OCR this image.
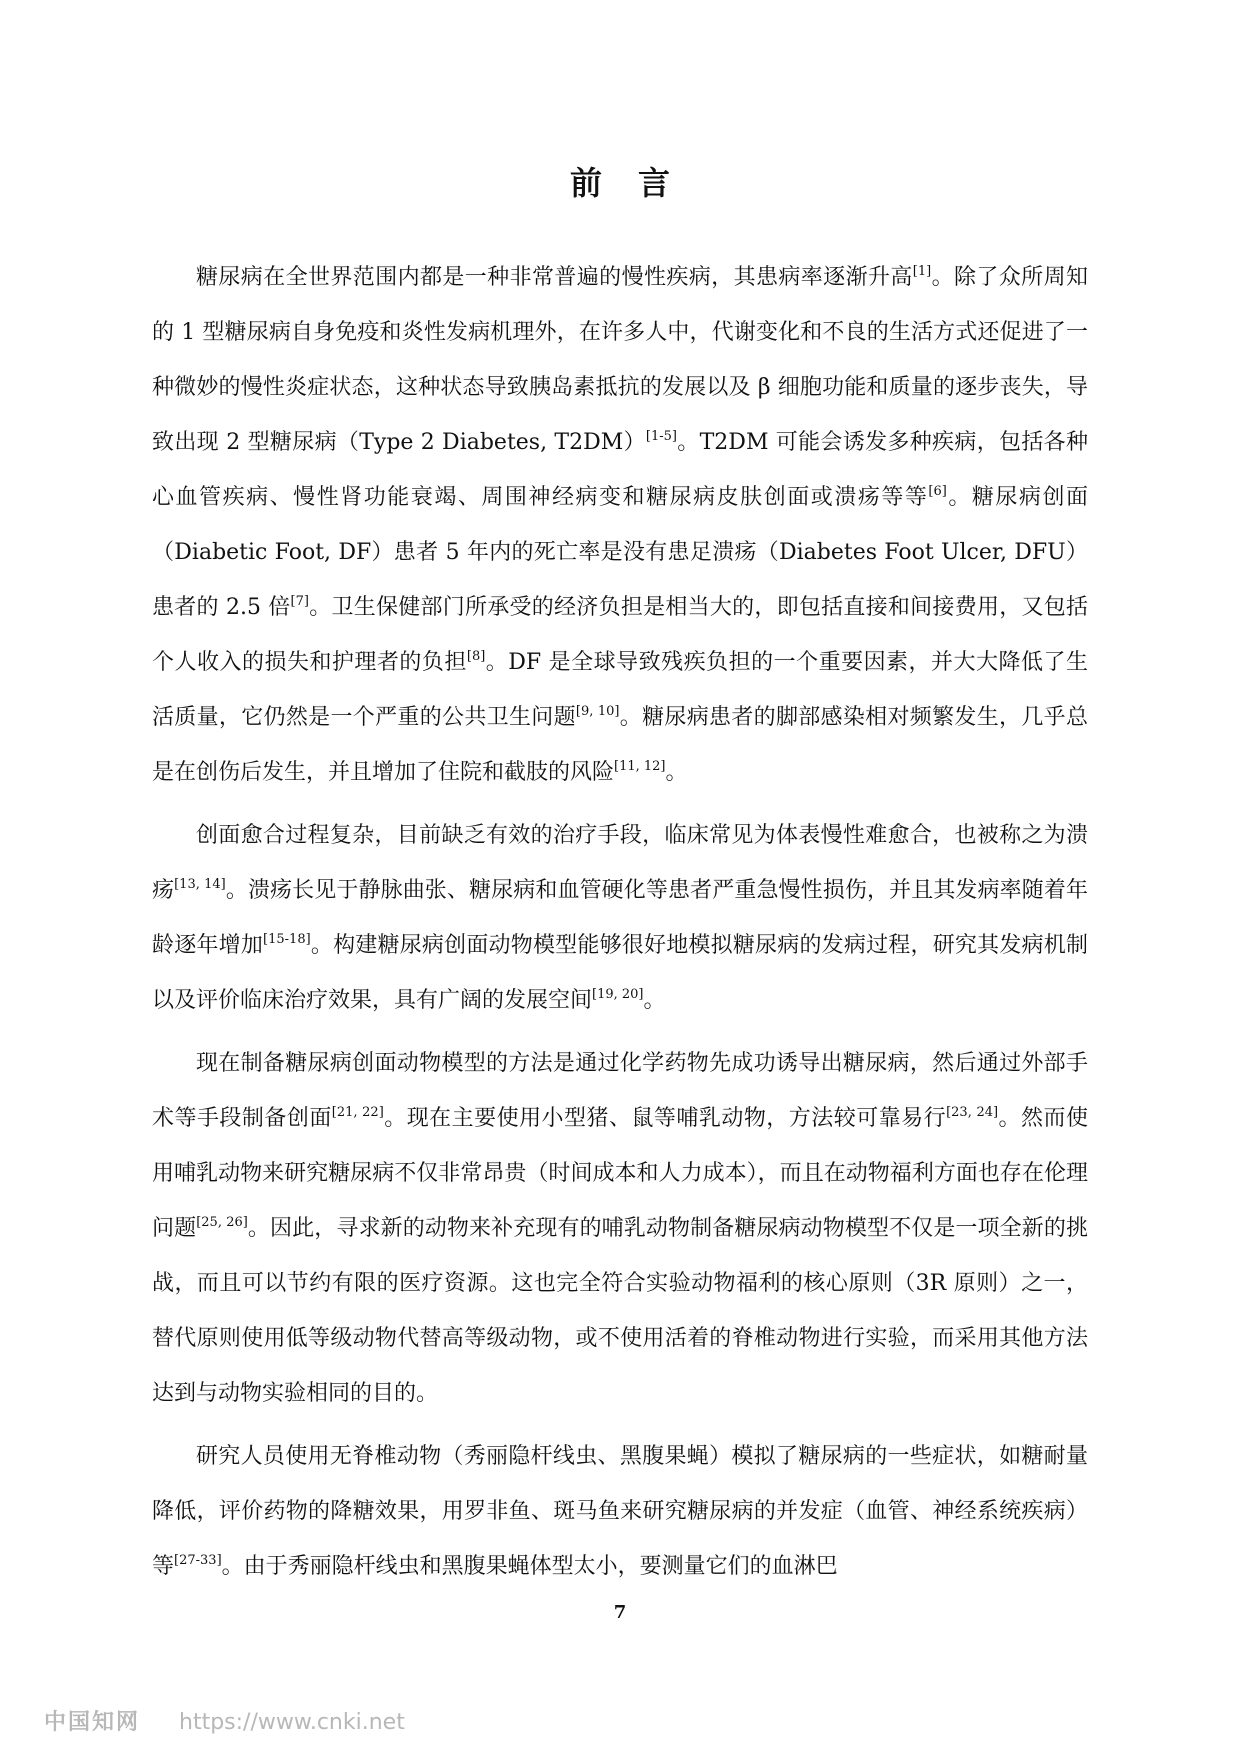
前言

糖尿病在全世界范围内都是一种非常普遍的慢性疾病，其患病率逐渐升高[1]。除了众所周知的 1 型糖尿病自身免疫和炎性发病机理外，在许多人中，代谢变化和不良的生活方式还促进了一种微妙的慢性炎症状态，这种状态导致胰岛素抵抗的发展以及 β 细胞功能和质量的逐步丧失，导致出现 2 型糖尿病（Type 2 Diabetes, T2DM）[1-5]。T2DM 可能会诱发多种疾病，包括各种心血管疾病、慢性肾功能衰竭、周围神经病变和糖尿病皮肤创面或溃疡等等[6]。糖尿病创面（Diabetic Foot, DF）患者 5 年内的死亡率是没有患足溃疡（Diabetes Foot Ulcer, DFU）患者的 2.5 倍[7]。卫生保健部门所承受的经济负担是相当大的，即包括直接和间接费用，又包括个人收入的损失和护理者的负担[8]。DF 是全球导致残疾负担的一个重要因素，并大大降低了生活质量，它仍然是一个严重的公共卫生问题[9, 10]。糖尿病患者的脚部感染相对频繁发生，几乎总是在创伤后发生，并且增加了住院和截肢的风险[11, 12]。

创面愈合过程复杂，目前缺乏有效的治疗手段，临床常见为体表慢性难愈合，也被称之为溃疡[13, 14]。溃疡长见于静脉曲张、糖尿病和血管硬化等患者严重急慢性损伤，并且其发病率随着年龄逐年增加[15-18]。构建糖尿病创面动物模型能够很好地模拟糖尿病的发病过程，研究其发病机制以及评价临床治疗效果，具有广阔的发展空间[19, 20]。

现在制备糖尿病创面动物模型的方法是通过化学药物先成功诱导出糖尿病，然后通过外部手术等手段制备创面[21, 22]。现在主要使用小型猪、鼠等哺乳动物，方法较可靠易行[23, 24]。然而使用哺乳动物来研究糖尿病不仅非常昂贵（时间成本和人力成本），而且在动物福利方面也存在伦理问题[25, 26]。因此，寻求新的动物来补充现有的哺乳动物制备糖尿病动物模型不仅是一项全新的挑战，而且可以节约有限的医疗资源。这也完全符合实验动物福利的核心原则（3R 原则）之一，替代原则使用低等级动物代替高等级动物，或不使用活着的脊椎动物进行实验，而采用其他方法达到与动物实验相同的目的。

研究人员使用无脊椎动物（秀丽隐杆线虫、黑腹果蝇）模拟了糖尿病的一些症状，如糖耐量降低，评价药物的降糖效果，用罗非鱼、斑马鱼来研究糖尿病的并发症（血管、神经系统疾病）等[27-33]。由于秀丽隐杆线虫和黑腹果蝇体型太小，要测量它们的血淋巴

7
中国知网 https://www.cnki.net
